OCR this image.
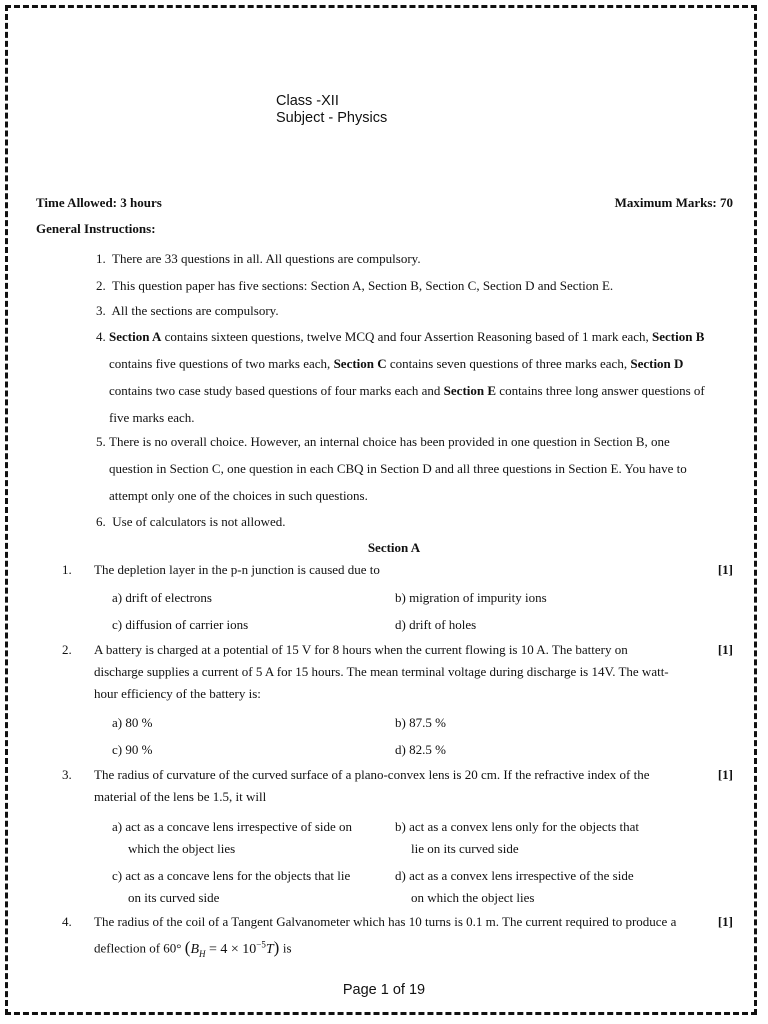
Class -XII
Subject - Physics
Time Allowed: 3 hours	Maximum Marks: 70
General Instructions:
1. There are 33 questions in all. All questions are compulsory.
2. This question paper has five sections: Section A, Section B, Section C, Section D and Section E.
3. All the sections are compulsory.
4. Section A contains sixteen questions, twelve MCQ and four Assertion Reasoning based of 1 mark each, Section B
contains five questions of two marks each, Section C contains seven questions of three marks each, Section D
contains two case study based questions of four marks each and Section E contains three long answer questions of
five marks each.
5. There is no overall choice. However, an internal choice has been provided in one question in Section B, one
question in Section C, one question in each CBQ in Section D and all three questions in Section E. You have to
attempt only one of the choices in such questions.
6. Use of calculators is not allowed.
Section A
1. The depletion layer in the p-n junction is caused due to	[1]
a) drift of electrons	b) migration of impurity ions
c) diffusion of carrier ions	d) drift of holes
2. A battery is charged at a potential of 15 V for 8 hours when the current flowing is 10 A. The battery on
discharge supplies a current of 5 A for 15 hours. The mean terminal voltage during discharge is 14V. The watt-
hour efficiency of the battery is:
[1]
a) 80 %	b) 87.5 %
c) 90 %	d) 82.5 %
3. The radius of curvature of the curved surface of a plano-convex lens is 20 cm. If the refractive index of the
material of the lens be 1.5, it will
[1]
a) act as a concave lens irrespective of side on
which the object lies
b) act as a convex lens only for the objects that
lie on its curved side
c) act as a concave lens for the objects that lie
on its curved side
d) act as a convex lens irrespective of the side
on which the object lies
4. The radius of the coil of a Tangent Galvanometer which has 10 turns is 0.1 m. The current required to produce a
deflection of 60° $(B_H = 4 \times 10^{-5}T)$ is
[1]
Page 1 of 19
